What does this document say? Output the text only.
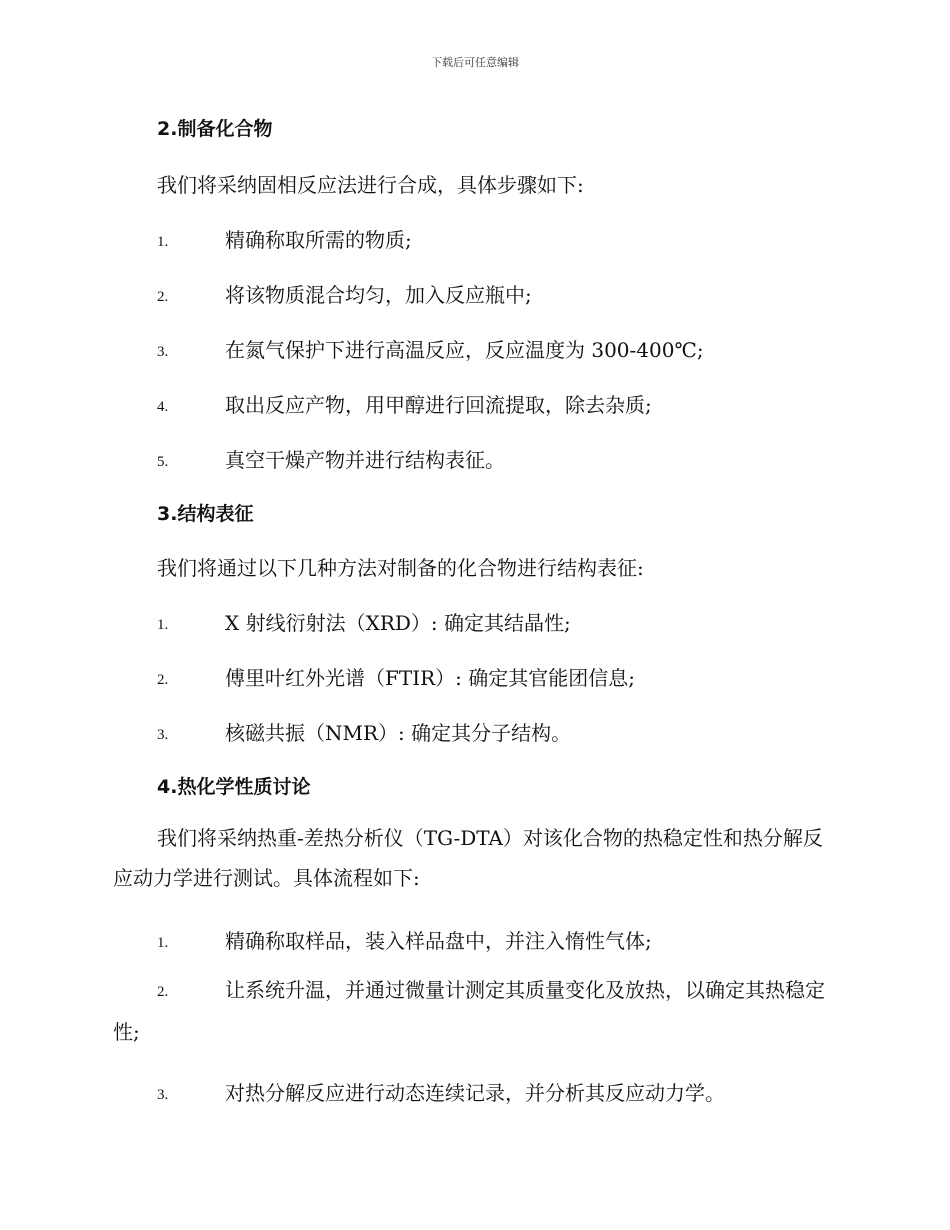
下载后可任意编辑
2.制备化合物
我们将采纳固相反应法进行合成，具体步骤如下:
1.	精确称取所需的物质;
2.	将该物质混合均匀，加入反应瓶中;
3.	在氮气保护下进行高温反应，反应温度为 300-400℃;
4.	取出反应产物，用甲醇进行回流提取，除去杂质;
5.	真空干燥产物并进行结构表征。
3.结构表征
我们将通过以下几种方法对制备的化合物进行结构表征:
1.	X 射线衍射法（XRD）: 确定其结晶性;
2.	傅里叶红外光谱（FTIR）: 确定其官能团信息;
3.	核磁共振（NMR）: 确定其分子结构。
4.热化学性质讨论
我们将采纳热重-差热分析仪（TG-DTA）对该化合物的热稳定性和热分解反应动力学进行测试。具体流程如下:
1.	精确称取样品，装入样品盘中，并注入惰性气体;
2.	让系统升温，并通过微量计测定其质量变化及放热，以确定其热稳定性;
3.	对热分解反应进行动态连续记录，并分析其反应动力学。
